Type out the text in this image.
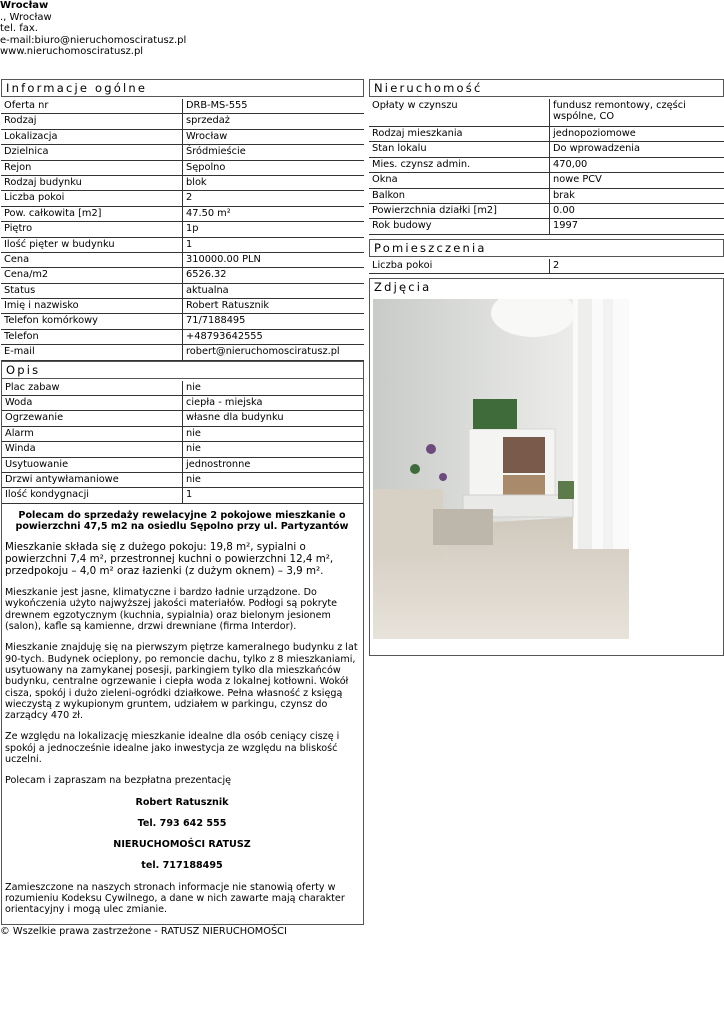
Wrocław
., Wrocław
tel. fax.
e-mail:biuro@nieruchomosciratusz.pl
www.nieruchomosciratusz.pl
Informacje ogólne
Oferta nr	DRB-MS-555
Rodzaj	sprzedaż
Lokalizacja	Wrocław
Dzielnica	Śródmieście
Rejon	Sępolno
Rodzaj budynku	blok
Liczba pokoi	2
Pow. całkowita [m2]	47.50 m²
Piętro	1p
Ilość pięter w budynku	1
Cena	310000.00 PLN
Cena/m2	6526.32
Status	aktualna
Imię i nazwisko	Robert Ratusznik
Telefon komórkowy	71/7188495
Telefon	+48793642555
E-mail	robert@nieruchomosciratusz.pl
Opis
Plac zabaw	nie
Woda	ciepła - miejska
Ogrzewanie	własne dla budynku
Alarm	nie
Winda	nie
Usytuowanie	jednostronne
Drzwi antywłamaniowe	nie
Ilość kondygnacji	1

Polecam do sprzedaży rewelacyjne 2 pokojowe mieszkanie o powierzchni 47,5 m2 na osiedlu Sępolno przy ul. Partyzantów

Mieszkanie składa się z dużego pokoju: 19,8 m², sypialni o powierzchni 7,4 m², przestronnej kuchni o powierzchni 12,4 m², przedpokoju – 4,0 m² oraz łazienki (z dużym oknem) – 3,9 m².

Mieszkanie jest jasne, klimatyczne i bardzo ładnie urządzone. Do wykończenia użyto najwyższej jakości materiałów. Podłogi są pokryte drewnem egzotycznym (kuchnia, sypialnia) oraz bielonym jesionem (salon), kafle są kamienne, drzwi drewniane (firma Interdor).

Mieszkanie znajduję się na pierwszym piętrze kameralnego budynku z lat 90-tych. Budynek ocieplony, po remoncie dachu, tylko z 8 mieszkaniami, usytuowany na zamykanej posesji, parkingiem tylko dla mieszkańców budynku, centralne ogrzewanie i ciepła woda z lokalnej kotłowni. Wokół cisza, spokój i dużo zieleni-ogródki działkowe. Pełna własność z księgą wieczystą z wykupionym gruntem, udziałem w parkingu, czynsz do zarządcy 470 zł.

Ze względu na lokalizację mieszkanie idealne dla osób ceniący ciszę i spokój a jednocześnie idealne jako inwestycja ze względu na bliskość uczelni.

Polecam i zapraszam na bezpłatna prezentację

Robert Ratusznik

Tel. 793 642 555

NIERUCHOMOŚCI RATUSZ

tel. 717188495

Zamieszczone na naszych stronach informacje nie stanowią oferty w rozumieniu Kodeksu Cywilnego, a dane w nich zawarte mają charakter orientacyjny i mogą ulec zmianie.

Nieruchomość
Opłaty w czynszu	fundusz remontowy, części wspólne, CO
Rodzaj mieszkania	jednopoziomowe
Stan lokalu	Do wprowadzenia
Mies. czynsz admin.	470,00
Okna	nowe PCV
Balkon	brak
Powierzchnia działki [m2]	0.00
Rok budowy	1997
Pomieszczenia
Liczba pokoi	2
Zdjęcia
© Wszelkie prawa zastrzeżone - RATUSZ NIERUCHOMOŚCI
